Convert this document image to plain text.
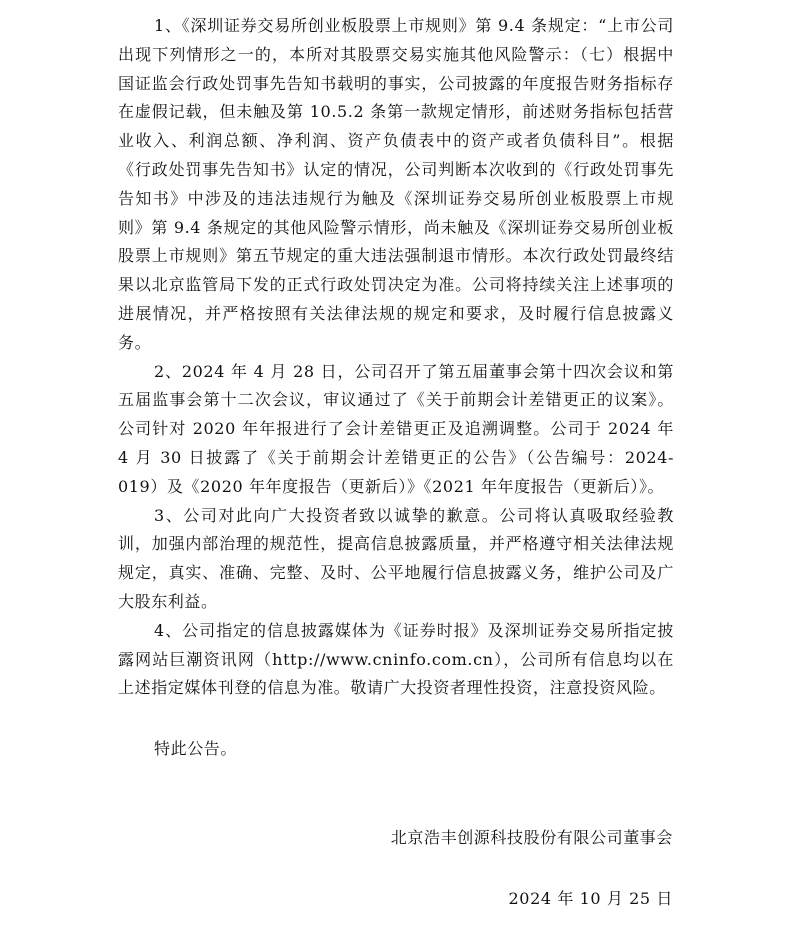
1、《深圳证券交易所创业板股票上市规则》第 9.4 条规定：“上市公司出现下列情形之一的，本所对其股票交易实施其他风险警示：（七）根据中国证监会行政处罚事先告知书载明的事实，公司披露的年度报告财务指标存在虚假记载，但未触及第 10.5.2 条第一款规定情形，前述财务指标包括营业收入、利润总额、净利润、资产负债表中的资产或者负债科目”。根据《行政处罚事先告知书》认定的情况，公司判断本次收到的《行政处罚事先告知书》中涉及的违法违规行为触及《深圳证券交易所创业板股票上市规则》第 9.4 条规定的其他风险警示情形，尚未触及《深圳证券交易所创业板股票上市规则》第五节规定的重大违法强制退市情形。本次行政处罚最终结果以北京监管局下发的正式行政处罚决定为准。公司将持续关注上述事项的进展情况，并严格按照有关法律法规的规定和要求，及时履行信息披露义务。

2、2024 年 4 月 28 日，公司召开了第五届董事会第十四次会议和第五届监事会第十二次会议，审议通过了《关于前期会计差错更正的议案》。公司针对 2020 年年报进行了会计差错更正及追溯调整。公司于 2024 年 4 月 30 日披露了《关于前期会计差错更正的公告》（公告编号：2024-019）及《2020 年年度报告（更新后）》《2021 年年度报告（更新后）》。

3、公司对此向广大投资者致以诚挚的歉意。公司将认真吸取经验教训，加强内部治理的规范性，提高信息披露质量，并严格遵守相关法律法规规定，真实、准确、完整、及时、公平地履行信息披露义务，维护公司及广大股东利益。

4、公司指定的信息披露媒体为《证券时报》及深圳证券交易所指定披露网站巨潮资讯网（http://www.cninfo.com.cn），公司所有信息均以在上述指定媒体刊登的信息为准。敬请广大投资者理性投资，注意投资风险。

特此公告。

北京浩丰创源科技股份有限公司董事会
2024 年 10 月 25 日
